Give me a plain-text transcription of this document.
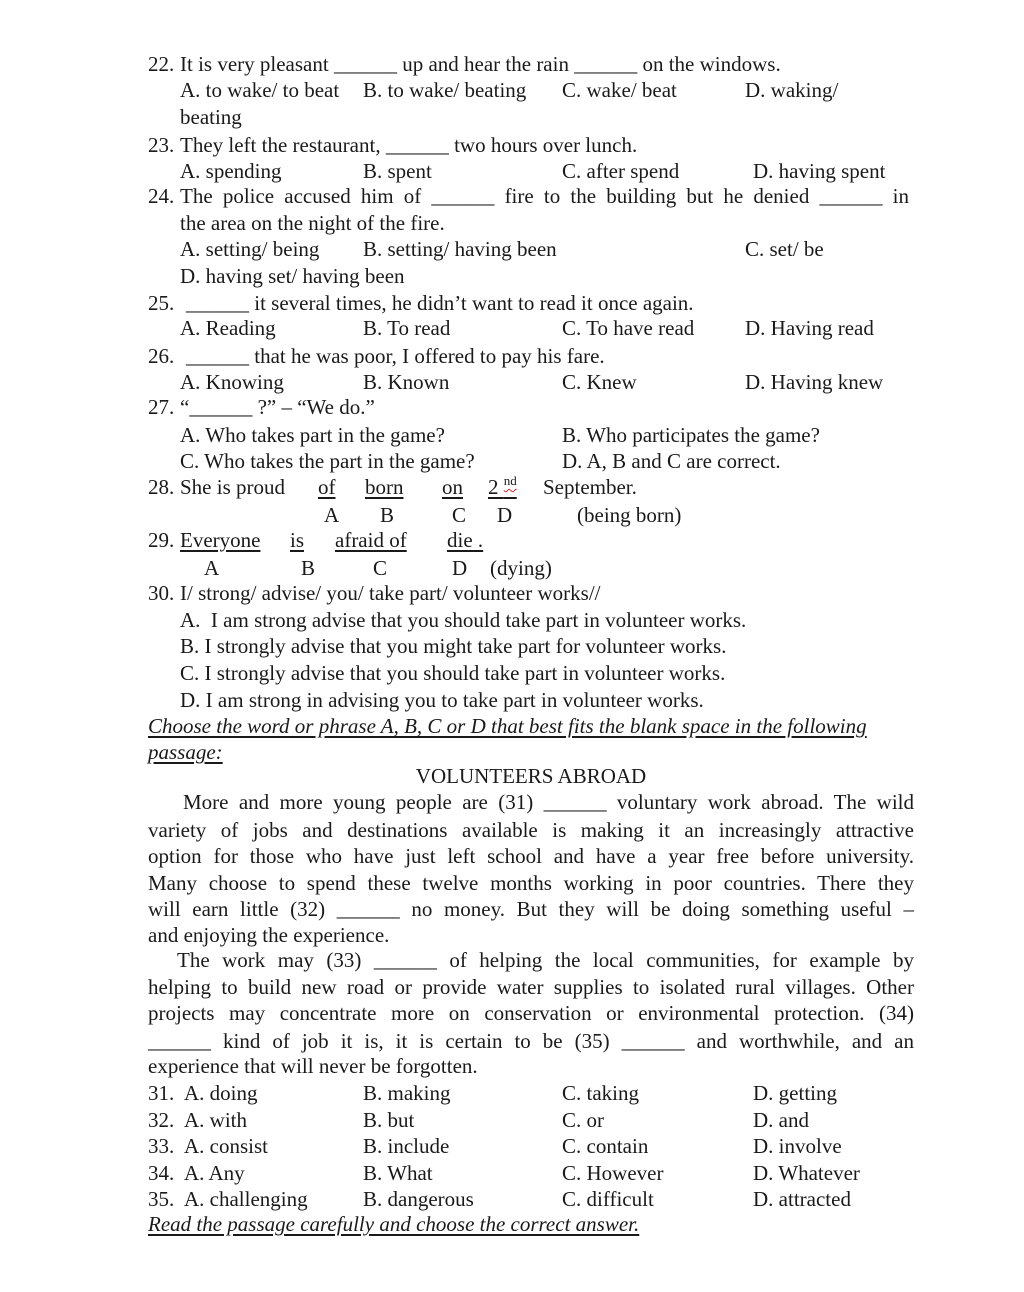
22. It is very pleasant ______ up and hear the rain ______ on the windows.
A. to wake/ to beat B. to wake/ beating C. wake/ beat	D. waking/
beating
23. They left the restaurant, ______ two hours over lunch.
A. spending	B. spent	C. after spend	D. having spent
24. The police accused him of ______ fire to the building but he denied ______ in
the area on the night of the fire.
A. setting/ being B. setting/ having been	C. set/ be
D. having set/ having been
25. ______ it several times, he didn’t want to read it once again.
A. Reading	B. To read	C. To have read D. Having read
26. ______ that he was poor, I offered to pay his fare.
A. Knowing	B. Known	C. Knew	D. Having knew
27. “______ ?” – “We do.”
A. Who takes part in the game?	B. Who participates the game?
C. Who takes the part in the game?	D. A, B and C are correct.
28. She is proud of born on 2 $^{nd}$ September.
A B	C D	(being born)
29. Everyone is afraid of die .
A	B	C	D (dying)
30. I/ strong/ advise/ you/ take part/ volunteer works//
A.  I am strong advise that you should take part in volunteer works.
B. I strongly advise that you might take part for volunteer works.
C. I strongly advise that you should take part in volunteer works.
D. I am strong in advising you to take part in volunteer works.
Choose the word or phrase A, B, C or D that best fits the blank space in the following
passage:
VOLUNTEERS ABROAD
More and more young people are (31) ______ voluntary work abroad. The wild
variety of jobs and destinations available is making it an increasingly attractive
option for those who have just left school and have a year free before university.
Many choose to spend these twelve months working in poor countries. There they
will earn little (32) ______ no money. But they will be doing something useful –
and enjoying the experience.
The work may (33) ______ of helping the local communities, for example by
helping to build new road or provide water supplies to isolated rural villages. Other
projects may concentrate more on conservation or environmental protection. (34)
______ kind of job it is, it is certain to be (35) ______ and worthwhile, and an
experience that will never be forgotten.
31. A. doing	B. making	C. taking	D. getting
32. A. with	B. but	C. or	D. and
33. A. consist	B. include	C. contain	D. involve
34. A. Any	B. What	C. However	D. Whatever
35. A. challenging	B. dangerous	C. difficult	D. attracted
Read the passage carefully and choose the correct answer.
